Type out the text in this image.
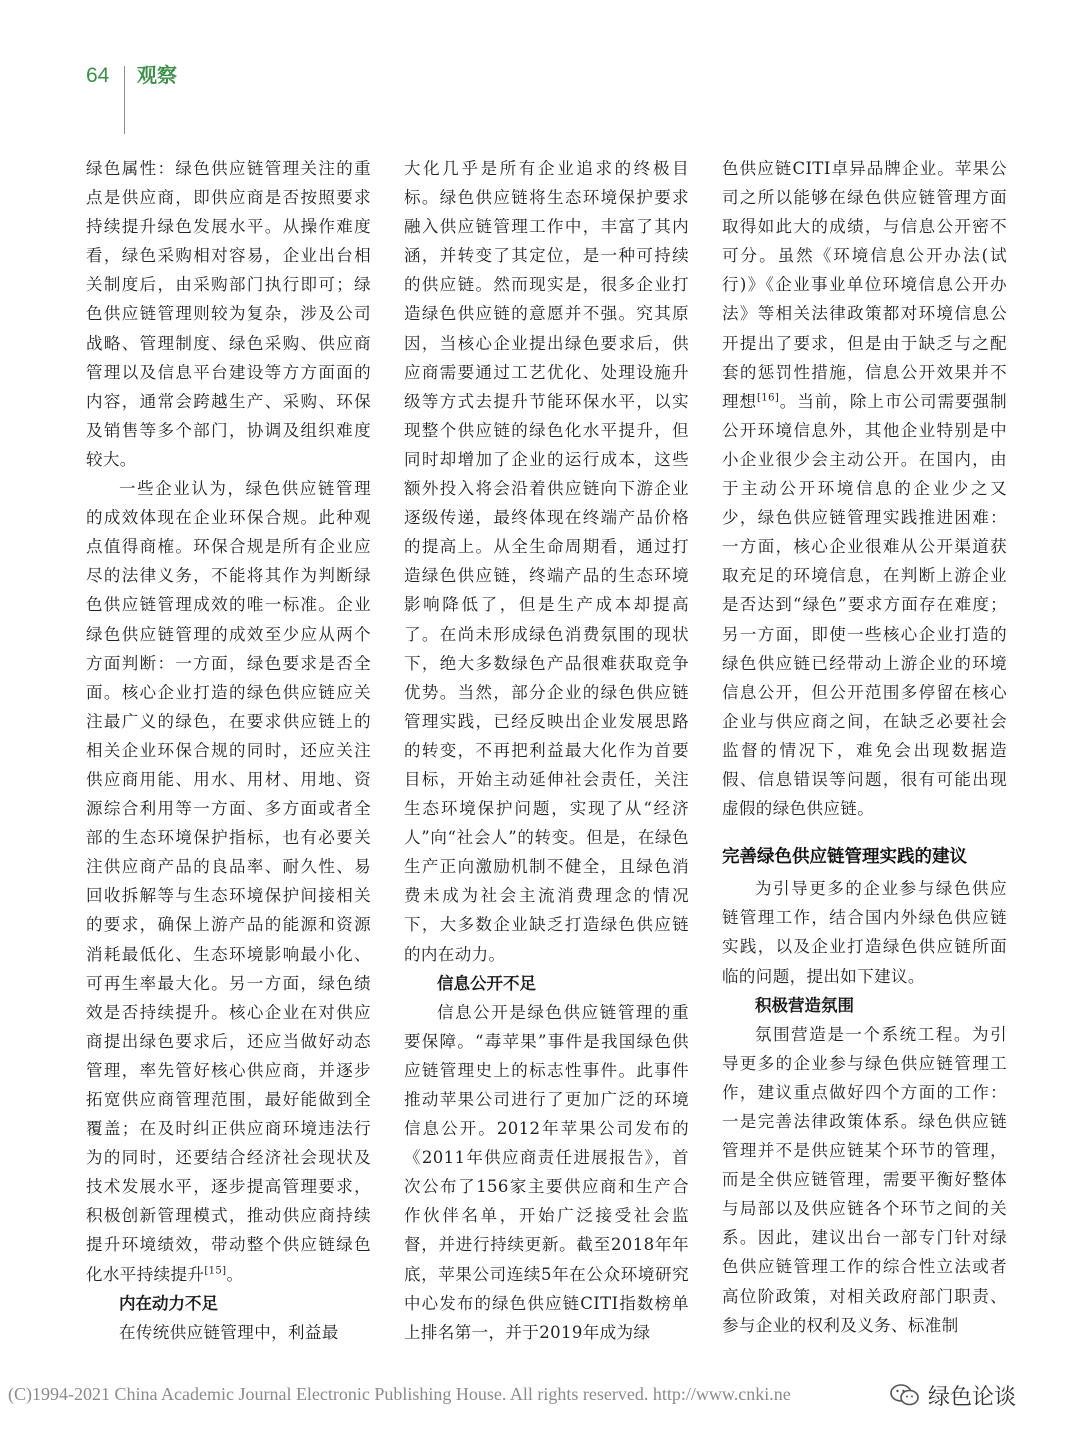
64 观察

绿色属性：绿色供应链管理关注的重点是供应商，即供应商是否按照要求持续提升绿色发展水平。从操作难度看，绿色采购相对容易，企业出台相关制度后，由采购部门执行即可；绿色供应链管理则较为复杂，涉及公司战略、管理制度、绿色采购、供应商管理以及信息平台建设等方方面面的内容，通常会跨越生产、采购、环保及销售等多个部门，协调及组织难度较大。

一些企业认为，绿色供应链管理的成效体现在企业环保合规。此种观点值得商榷。环保合规是所有企业应尽的法律义务，不能将其作为判断绿色供应链管理成效的唯一标准。企业绿色供应链管理的成效至少应从两个方面判断：一方面，绿色要求是否全面。核心企业打造的绿色供应链应关注最广义的绿色，在要求供应链上的相关企业环保合规的同时，还应关注供应商用能、用水、用材、用地、资源综合利用等一方面、多方面或者全部的生态环境保护指标，也有必要关注供应商产品的良品率、耐久性、易回收拆解等与生态环境保护间接相关的要求，确保上游产品的能源和资源消耗最低化、生态环境影响最小化、可再生率最大化。另一方面，绿色绩效是否持续提升。核心企业在对供应商提出绿色要求后，还应当做好动态管理，率先管好核心供应商，并逐步拓宽供应商管理范围，最好能做到全覆盖；在及时纠正供应商环境违法行为的同时，还要结合经济社会现状及技术发展水平，逐步提高管理要求，积极创新管理模式，推动供应商持续提升环境绩效，带动整个供应链绿色化水平持续提升[15]。

内在动力不足

在传统供应链管理中，利益最

大化几乎是所有企业追求的终极目标。绿色供应链将生态环境保护要求融入供应链管理工作中，丰富了其内涵，并转变了其定位，是一种可持续的供应链。然而现实是，很多企业打造绿色供应链的意愿并不强。究其原因，当核心企业提出绿色要求后，供应商需要通过工艺优化、处理设施升级等方式去提升节能环保水平，以实现整个供应链的绿色化水平提升，但同时却增加了企业的运行成本，这些额外投入将会沿着供应链向下游企业逐级传递，最终体现在终端产品价格的提高上。从全生命周期看，通过打造绿色供应链，终端产品的生态环境影响降低了，但是生产成本却提高了。在尚未形成绿色消费氛围的现状下，绝大多数绿色产品很难获取竞争优势。当然，部分企业的绿色供应链管理实践，已经反映出企业发展思路的转变，不再把利益最大化作为首要目标，开始主动延伸社会责任，关注生态环境保护问题，实现了从“经济人”向“社会人”的转变。但是，在绿色生产正向激励机制不健全，且绿色消费未成为社会主流消费理念的情况下，大多数企业缺乏打造绿色供应链的内在动力。

信息公开不足

信息公开是绿色供应链管理的重要保障。“毒苹果”事件是我国绿色供应链管理史上的标志性事件。此事件推动苹果公司进行了更加广泛的环境信息公开。2012年苹果公司发布的《2011年供应商责任进展报告》，首次公布了156家主要供应商和生产合作伙伴名单，开始广泛接受社会监督，并进行持续更新。截至2018年年底，苹果公司连续5年在公众环境研究中心发布的绿色供应链CITI指数榜单上排名第一，并于2019年成为绿

色供应链CITI卓异品牌企业。苹果公司之所以能够在绿色供应链管理方面取得如此大的成绩，与信息公开密不可分。虽然《环境信息公开办法(试行)》《企业事业单位环境信息公开办法》等相关法律政策都对环境信息公开提出了要求，但是由于缺乏与之配套的惩罚性措施，信息公开效果并不理想[16]。当前，除上市公司需要强制公开环境信息外，其他企业特别是中小企业很少会主动公开。在国内，由于主动公开环境信息的企业少之又少，绿色供应链管理实践推进困难：一方面，核心企业很难从公开渠道获取充足的环境信息，在判断上游企业是否达到“绿色”要求方面存在难度；另一方面，即使一些核心企业打造的绿色供应链已经带动上游企业的环境信息公开，但公开范围多停留在核心企业与供应商之间，在缺乏必要社会监督的情况下，难免会出现数据造假、信息错误等问题，很有可能出现虚假的绿色供应链。

完善绿色供应链管理实践的建议

为引导更多的企业参与绿色供应链管理工作，结合国内外绿色供应链实践，以及企业打造绿色供应链所面临的问题，提出如下建议。

积极营造氛围

氛围营造是一个系统工程。为引导更多的企业参与绿色供应链管理工作，建议重点做好四个方面的工作：一是完善法律政策体系。绿色供应链管理并不是供应链某个环节的管理，而是全供应链管理，需要平衡好整体与局部以及供应链各个环节之间的关系。因此，建议出台一部专门针对绿色供应链管理工作的综合性立法或者高位阶政策，对相关政府部门职责、参与企业的权利及义务、标准制

(C)1994-2021 China Academic Journal Electronic Publishing House. All rights reserved. http://www.cnki.ne	绿色论谈
